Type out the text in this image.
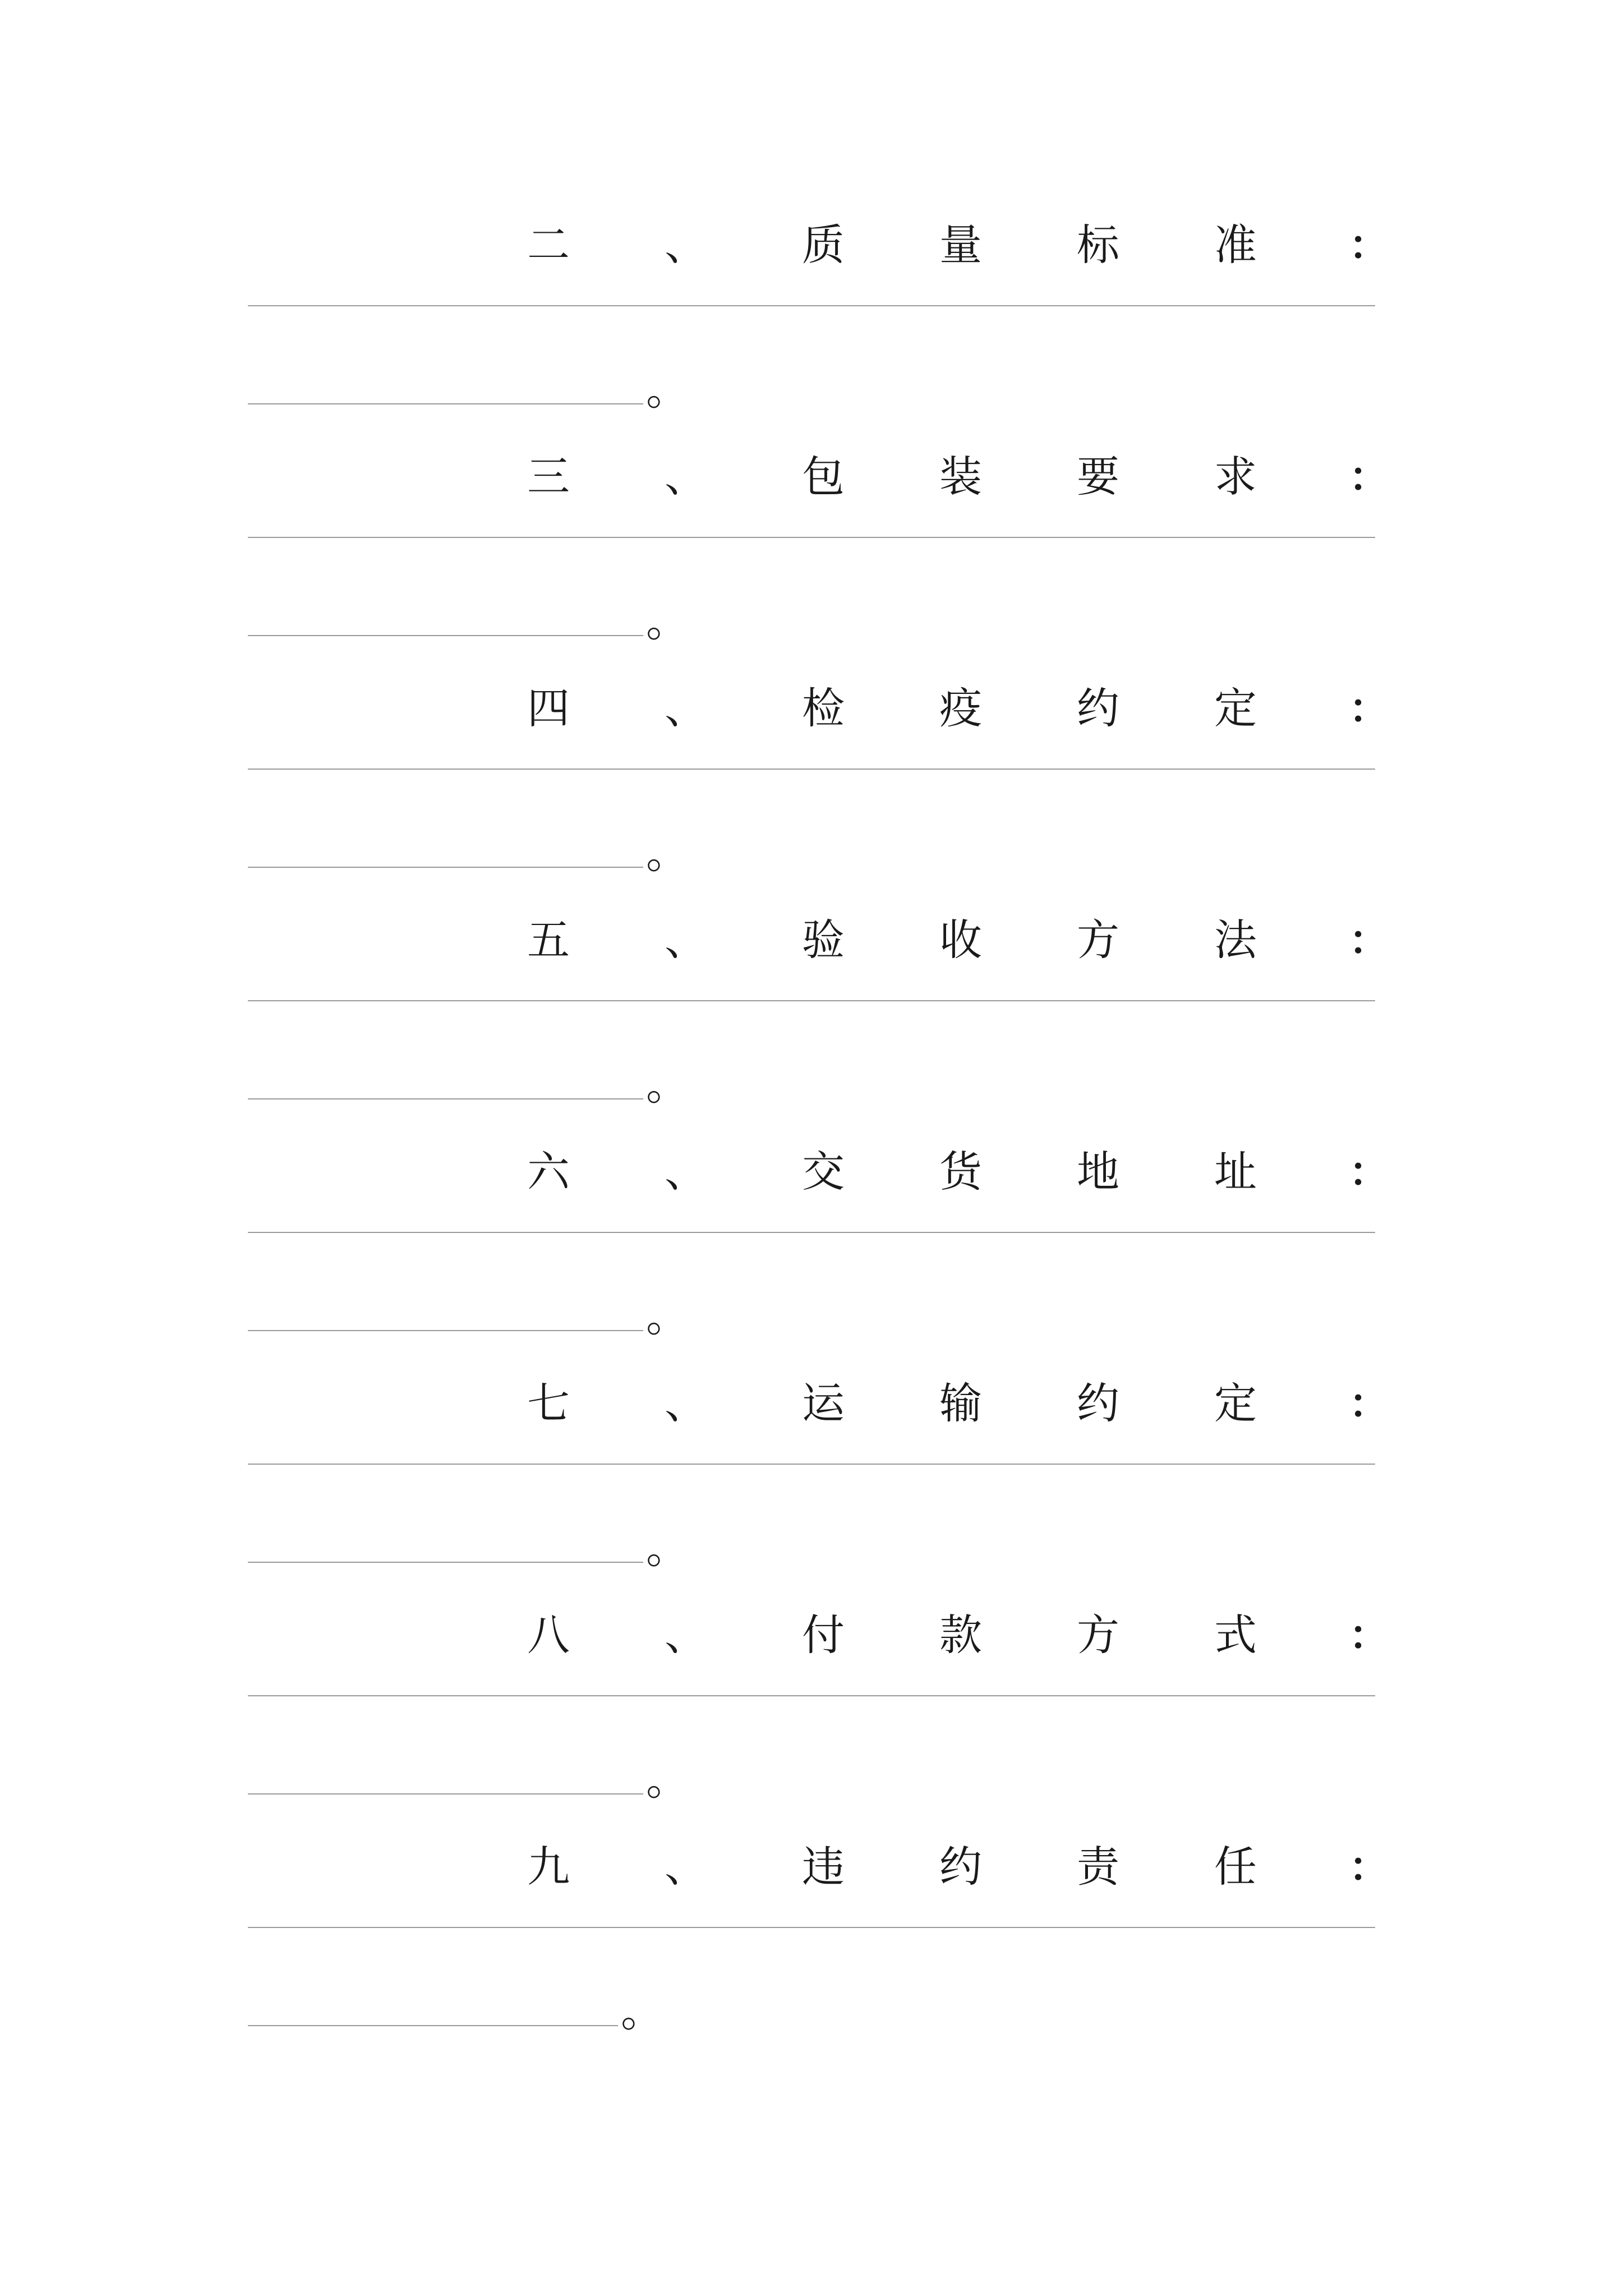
二 、 质 量 标 准 ：
。
三 、 包 装 要 求 ：
。
四 、 检 疫 约 定 ：
。
五 、 验 收 方 法 ：
。
六 、 交 货 地 址 ：
。
七 、 运 输 约 定 ：
。
八 、 付 款 方 式 ：
。
九 、 违 约 责 任 ：
。
